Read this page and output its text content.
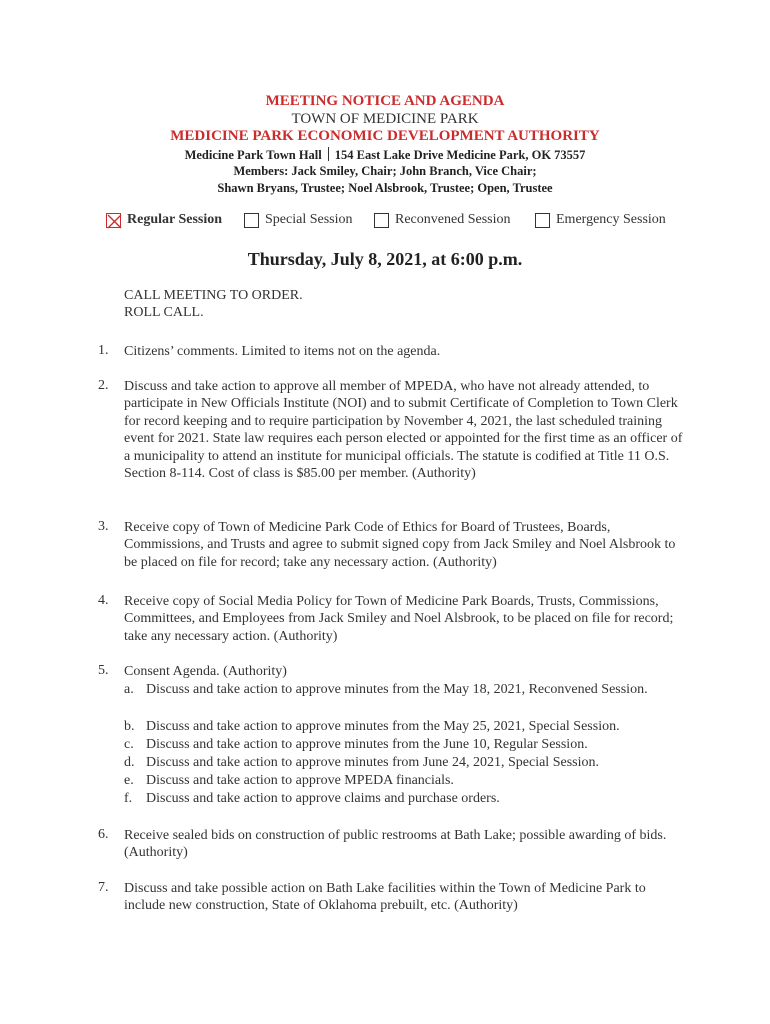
MEETING NOTICE AND AGENDA
TOWN OF MEDICINE PARK
MEDICINE PARK ECONOMIC DEVELOPMENT AUTHORITY
Medicine Park Town Hall 154 East Lake Drive Medicine Park, OK 73557
Members: Jack Smiley, Chair; John Branch, Vice Chair;
Shawn Bryans, Trustee; Noel Alsbrook, Trustee; Open, Trustee
Regular Session	Special Session	Reconvened Session	Emergency Session
Thursday, July 8, 2021, at 6:00 p.m.
CALL MEETING TO ORDER.
ROLL CALL.
1. Citizens’ comments. Limited to items not on the agenda.
2. Discuss and take action to approve all member of MPEDA, who have not already attended, to participate in New Officials Institute (NOI) and to submit Certificate of Completion to Town Clerk for record keeping and to require participation by November 4, 2021, the last scheduled training event for 2021. State law requires each person elected or appointed for the first time as an officer of a municipality to attend an institute for municipal officials. The statute is codified at Title 11 O.S. Section 8-114. Cost of class is $85.00 per member. (Authority)
3. Receive copy of Town of Medicine Park Code of Ethics for Board of Trustees, Boards, Commissions, and Trusts and agree to submit signed copy from Jack Smiley and Noel Alsbrook to be placed on file for record; take any necessary action. (Authority)
4. Receive copy of Social Media Policy for Town of Medicine Park Boards, Trusts, Commissions, Committees, and Employees from Jack Smiley and Noel Alsbrook, to be placed on file for record; take any necessary action. (Authority)
5. Consent Agenda. (Authority)
a. Discuss and take action to approve minutes from the May 18, 2021, Reconvened Session.
b. Discuss and take action to approve minutes from the May 25, 2021, Special Session.
c. Discuss and take action to approve minutes from the June 10, Regular Session.
d. Discuss and take action to approve minutes from June 24, 2021, Special Session.
e. Discuss and take action to approve MPEDA financials.
f. Discuss and take action to approve claims and purchase orders.
6. Receive sealed bids on construction of public restrooms at Bath Lake; possible awarding of bids. (Authority)
7. Discuss and take possible action on Bath Lake facilities within the Town of Medicine Park to include new construction, State of Oklahoma prebuilt, etc. (Authority)
